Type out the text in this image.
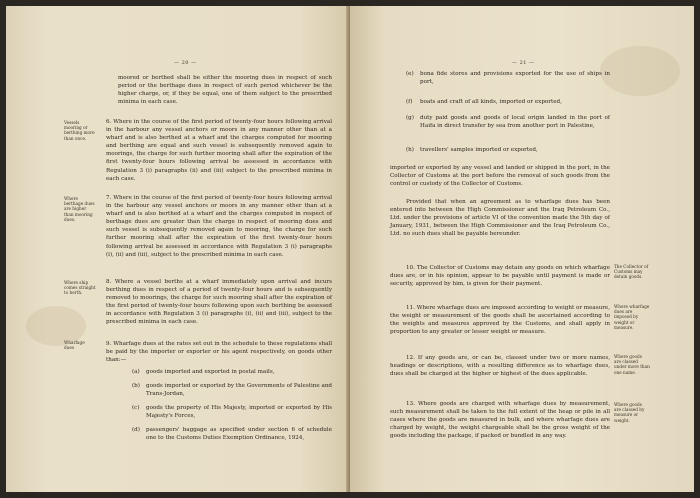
— 20 —
moored or berthed shall be either the mooring dues in respect of such period or the berthage dues in respect of such period whichever be the higher charge, or, if they be equal, one of them subject to the prescribed minima in each case.
Vessels mooring or berthing more than once.

6. Where in the course of the first period of twenty-four hours following arrival in the harbour any vessel anchors or moors in any manner other than at a wharf and is also berthed at a wharf and the charges computed for mooring and berthing are equal and such vessel is subsequently removed again to moorings, the charge for such further mooring shall after the expiration of the first twenty-four hours following arrival be assessed in accordance with Regulation 3 (i) paragraphs (ii) and (iii) subject to the prescribed minima in each case.

Where berthage dues are higher than mooring dues.

7. Where in the course of the first period of twenty-four hours following arrival in the harbour any vessel anchors or moors in any manner other than at a wharf and is also berthed at a wharf and the charges computed in respect of berthage dues are greater than the charge in respect of mooring dues and such vessel is subsequently removed again to mooring, the charge for such further mooring shall after the expiration of the first twenty-four hours following arrival be assessed in accordance with Regulation 3 (i) paragraphs (i), (ii) and (iii), subject to the prescribed minima in each case.

Where ship comes straight to berth.

8. Where a vessel berths at a wharf immediately upon arrival and incurs berthing dues in respect of a period of twenty-four hours and is subsequently removed to moorings, the charge for such mooring shall after the expiration of the first period of twenty-four hours following upon such berthing be assessed in accordance with Regulation 3 (i) paragraphs (i), (ii) and (iii), subject to the prescribed minima in each case.

Wharfage dues

9. Wharfage dues at the rates set out in the schedule to these regulations shall be paid by the importer or exporter or his agent respectively, on goods other than:—

(a) goods imported and exported in postal mails,
(b) goods imported or exported by the Governments of Palestine and Trans-Jordan,
(c) goods the property of His Majesty, imported or exported by His Majesty's Forces,
(d) passengers' baggage as specified under section 6 of schedule one to the Customs Duties Exemption Ordinance, 1924,
— 21 —
(e) bona fide stores and provisions exported for the use of ships in port,
(f) boats and craft of all kinds, imported or exported,
(g) duty paid goods and goods of local origin landed in the port of Haifa in direct transfer by sea from another port in Palestine,
(h) travellers' samples imported or exported,
imported or exported by any vessel and landed or shipped in the port, in the Collector of Customs at the port before the removal of such goods from the control or custody of the Collector of Customs.
Provided that when an agreement as to wharfage dues has been entered into between the High Commissioner and the Iraq Petroleum Co., Ltd. under the provisions of article VI of the convention made the 5th day of January, 1931, between the High Commissioner and the Iraq Petroleum Co., Ltd. no such dues shall be payable hereunder.
10. The Collector of Customs may detain any goods on which wharfage dues are, or in his opinion, appear to be payable until payment is made or security, approved by him, is given for their payment.
The Collector of Customs may detain goods.
11. Where wharfage dues are imposed according to weight or measure, the weight or measurement of the goods shall be ascertained according to the weights and measures approved by the Customs, and shall apply in proportion to any greater or lesser weight or measure.
Where wharfage dues are imposed by weight or measure.
12. If any goods are, or can be, classed under two or more names, headings or descriptions, with a resulting difference as to wharfage dues, dues shall be charged at the higher or highest of the dues applicable.
Where goods are classed under more than one name.
13. Where goods are charged with wharfage dues by measurement, such measurement shall be taken to the full extent of the heap or pile in all cases where the goods are measured in bulk, and where wharfage dues are charged by weight, the weight chargeable shall be the gross weight of the goods including the package, if packed or bundled in any way.
Where goods are classed by measure or weight.
